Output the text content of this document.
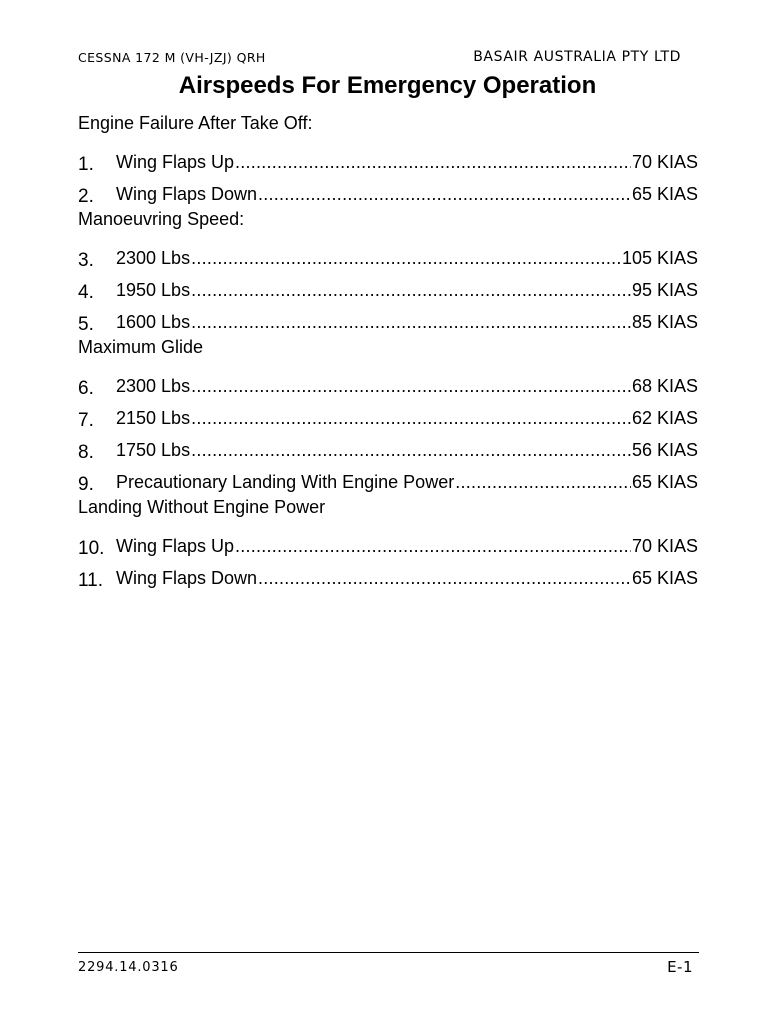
CESSNA 172 M (VH-JZJ) QRH	BASAIR AUSTRALIA PTY LTD
Airspeeds For Emergency Operation
Engine Failure After Take Off:
1.	Wing Flaps Up .....	70 KIAS
2.	Wing Flaps Down .....	65 KIAS
Manoeuvring Speed:
3.	2300 Lbs .....	105 KIAS
4.	1950 Lbs .....	95 KIAS
5.	1600 Lbs .....	85 KIAS
Maximum Glide
6.	2300 Lbs .....	68 KIAS
7.	2150 Lbs .....	62 KIAS
8.	1750 Lbs .....	56 KIAS
9.	Precautionary Landing With Engine Power .....	65 KIAS
Landing Without Engine Power
10. Wing Flaps Up .....	70 KIAS
11. Wing Flaps Down .....	65 KIAS
2294.14.0316	E-1
